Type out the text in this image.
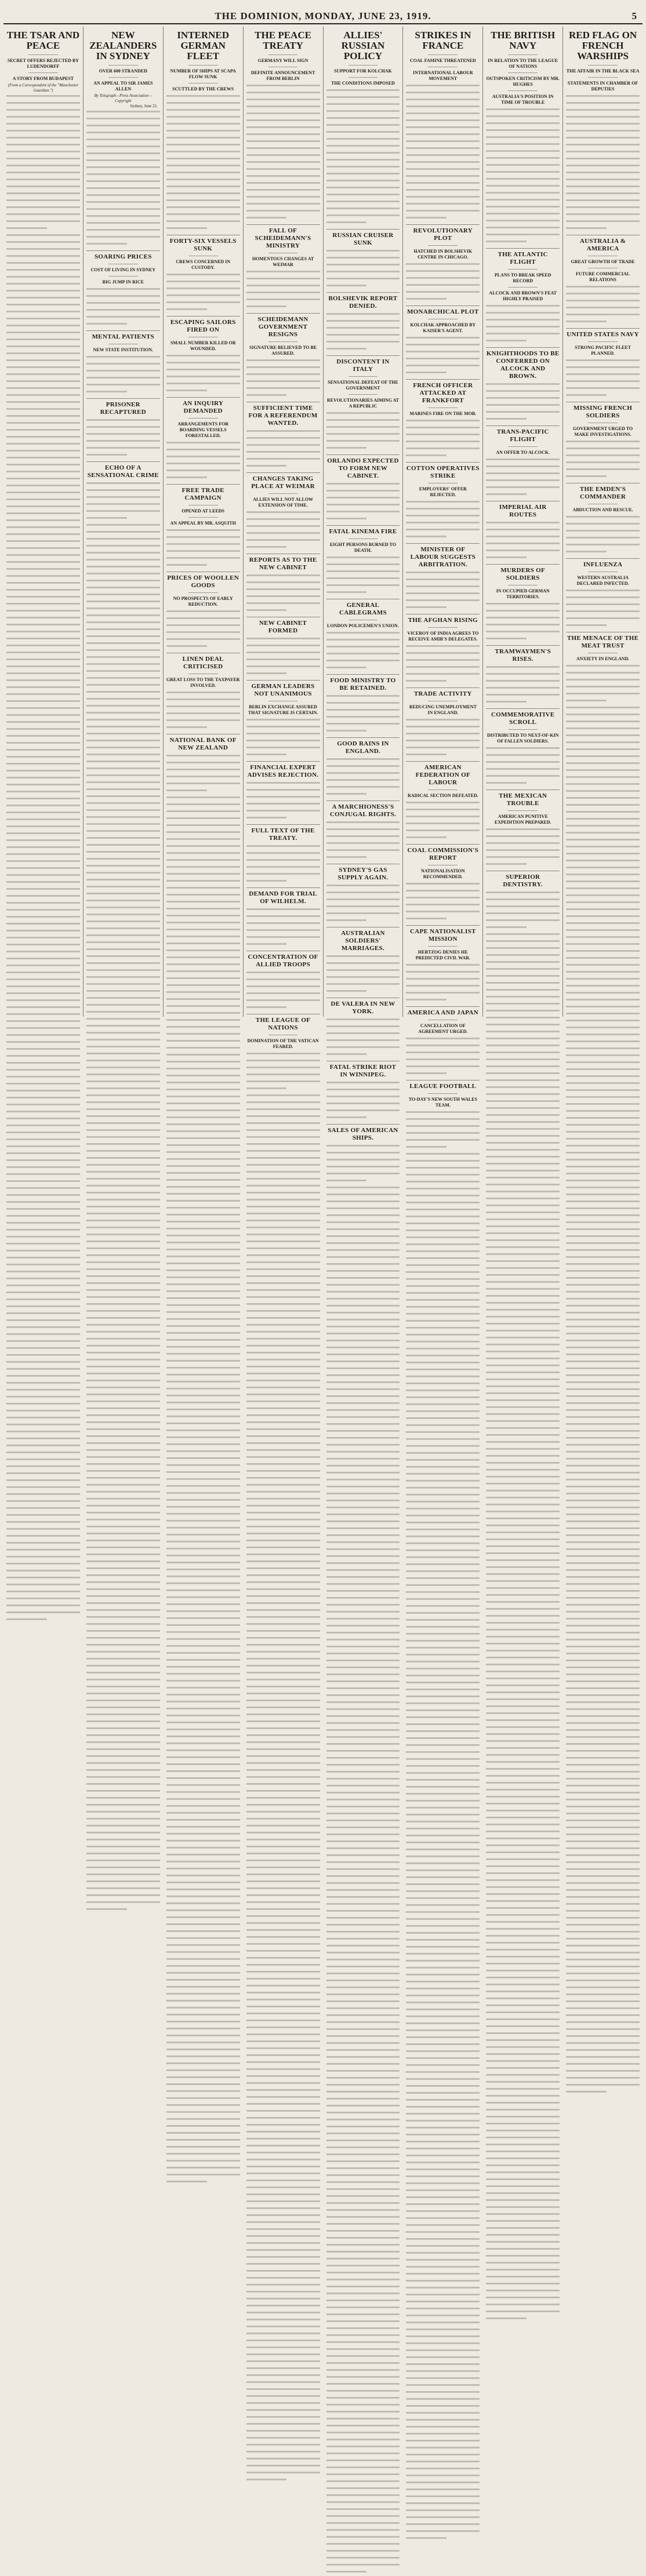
THE DOMINION, MONDAY, JUNE 23, 1919.	5
THE TSAR AND PEACE
SECRET OFFERS REJECTED BY LUDENDORFF
A STORY FROM BUDAPEST
(From a Correspondent of the "Manchester Guardian.")
NEW ZEALANDERS IN SYDNEY
OVER 600 STRANDED
AN APPEAL TO SIR JAMES ALLEN
By Telegraph—Press Association—Copyright
Sydney, June 22.
SOARING PRICES
COST OF LIVING IN SYDNEY
BIG JUMP IN RICE
MENTAL PATIENTS
NEW STATE INSTITUTION.
PRISONER RECAPTURED
ECHO OF A SENSATIONAL CRIME
INTERNED GERMAN FLEET
NUMBER OF SHIPS AT SCAPA FLOW SUNK
SCUTTLED BY THE CREWS
FORTY-SIX VESSELS SUNK
CREWS CONCERNED IN CUSTODY.
ESCAPING SAILORS FIRED ON
SMALL NUMBER KILLED OR WOUNDED.
AN INQUIRY DEMANDED
ARRANGEMENTS FOR BOARDING VESSELS FORESTALLED.
FREE TRADE CAMPAIGN
OPENED AT LEEDS
AN APPEAL BY MR. ASQUITH
PRICES OF WOOLLEN GOODS
NO PROSPECTS OF EARLY REDUCTION.
LINEN DEAL CRITICISED
GREAT LOSS TO THE TAXPAYER INVOLVED.
NATIONAL BANK OF NEW ZEALAND
THE PEACE TREATY
GERMANY WILL SIGN
DEFINITE ANNOUNCEMENT FROM BERLIN
FALL OF SCHEIDEMANN'S MINISTRY
HOMENTOUS CHANGES AT WEIMAR
SCHEIDEMANN GOVERNMENT RESIGNS
SIGNATURE BELIEVED TO BE ASSURED.
SUFFICIENT TIME FOR A REFERENDUM WANTED.
CHANGES TAKING PLACE AT WEIMAR
ALLIES WILL NOT ALLOW EXTENSION OF TIME.
REPORTS AS TO THE NEW CABINET
NEW CABINET FORMED
GERMAN LEADERS NOT UNANIMOUS
BERLIN EXCHANGE ASSURED THAT SIGNATURE IS CERTAIN.
FINANCIAL EXPERT ADVISES REJECTION.
FULL TEXT OF THE TREATY.
DEMAND FOR TRIAL OF WILHELM.
CONCENTRATION OF ALLIED TROOPS
THE LEAGUE OF NATIONS
DOMINATION OF THE VATICAN FEARED.
ALLIES' RUSSIAN POLICY
SUPPORT FOR KOLCHAK
THE CONDITIONS IMPOSED
RUSSIAN CRUISER SUNK
BOLSHEVIK REPORT DENIED.
DISCONTENT IN ITALY
SENSATIONAL DEFEAT OF THE GOVERNMENT
REVOLUTIONARIES AIMING AT A REPUBLIC
ORLANDO EXPECTED TO FORM NEW CABINET.
FATAL KINEMA FIRE
EIGHT PERSONS BURNED TO DEATH.
GENERAL CABLEGRAMS
LONDON POLICEMEN'S UNION.
FOOD MINISTRY TO BE RETAINED.
GOOD RAINS IN ENGLAND.
A MARCHIONESS'S CONJUGAL RIGHTS.
SYDNEY'S GAS SUPPLY AGAIN.
AUSTRALIAN SOLDIERS' MARRIAGES.
DE VALERA IN NEW YORK.
FATAL STRIKE RIOT IN WINNIPEG.
SALES OF AMERICAN SHIPS.
STRIKES IN FRANCE
COAL FAMINE THREATENED
INTERNATIONAL LABOUR MOVEMENT
REVOLUTIONARY PLOT
HATCHED IN BOLSHEVIK CENTRE IN CHICAGO.
MONARCHICAL PLOT
KOLCHAK APPROACHED BY KAISER'S AGENT.
FRENCH OFFICER ATTACKED AT FRANKFORT
MARINES FIRE ON THE MOB.
COTTON OPERATIVES STRIKE
EMPLOYERS' OFFER REJECTED.
MINISTER OF LABOUR SUGGESTS ARBITRATION.
THE AFGHAN RISING
VICEROY OF INDIA AGREES TO RECEIVE AMIR'S DELEGATES.
TRADE ACTIVITY
REDUCING UNEMPLOYMENT IN ENGLAND.
AMERICAN FEDERATION OF LABOUR
RADICAL SECTION DEFEATED.
COAL COMMISSION'S REPORT
NATIONALISATION RECOMMENDED.
CAPE NATIONALIST MISSION
HERTZOG DENIES HE PREDICTED CIVIL WAR.
AMERICA AND JAPAN
CANCELLATION OF AGREEMENT URGED.
LEAGUE FOOTBALL
TO-DAY'S NEW SOUTH WALES TEAM.
THE BRITISH NAVY
IN RELATION TO THE LEAGUE OF NATIONS
OUTSPOKEN CRITICISM BY MR. HUGHES
AUSTRALIA'S POSITION IN TIME OF TROUBLE
THE ATLANTIC FLIGHT
PLANS TO BREAK SPEED RECORD
ALCOCK AND BROWN'S FEAT HIGHLY PRAISED
KNIGHTHOODS TO BE CONFERRED ON ALCOCK AND BROWN.
TRANS-PACIFIC FLIGHT
AN OFFER TO ALCOCK.
IMPERIAL AIR ROUTES
MURDERS OF SOLDIERS
IN OCCUPIED GERMAN TERRITORIES.
TRAMWAYMEN'S RISES.
COMMEMORATIVE SCROLL
DISTRIBUTED TO NEXT-OF-KIN OF FALLEN SOLDIERS.
THE MEXICAN TROUBLE
AMERICAN PUNITIVE EXPEDITION PREPARED.
SUPERIOR DENTISTRY.
RED FLAG ON FRENCH WARSHIPS
THE AFFAIR IN THE BLACK SEA
STATEMENTS IN CHAMBER OF DEPUTIES
AUSTRALIA & AMERICA
GREAT GROWTH OF TRADE
FUTURE COMMERCIAL RELATIONS
UNITED STATES NAVY
STRONG PACIFIC FLEET PLANNED.
MISSING FRENCH SOLDIERS
GOVERNMENT URGED TO MAKE INVESTIGATIONS.
THE EMDEN'S COMMANDER
ABDUCTION AND RESCUE.
INFLUENZA
WESTERN AUSTRALIA DECLARED INFECTED.
THE MENACE OF THE MEAT TRUST
ANXIETY IN ENGLAND.
